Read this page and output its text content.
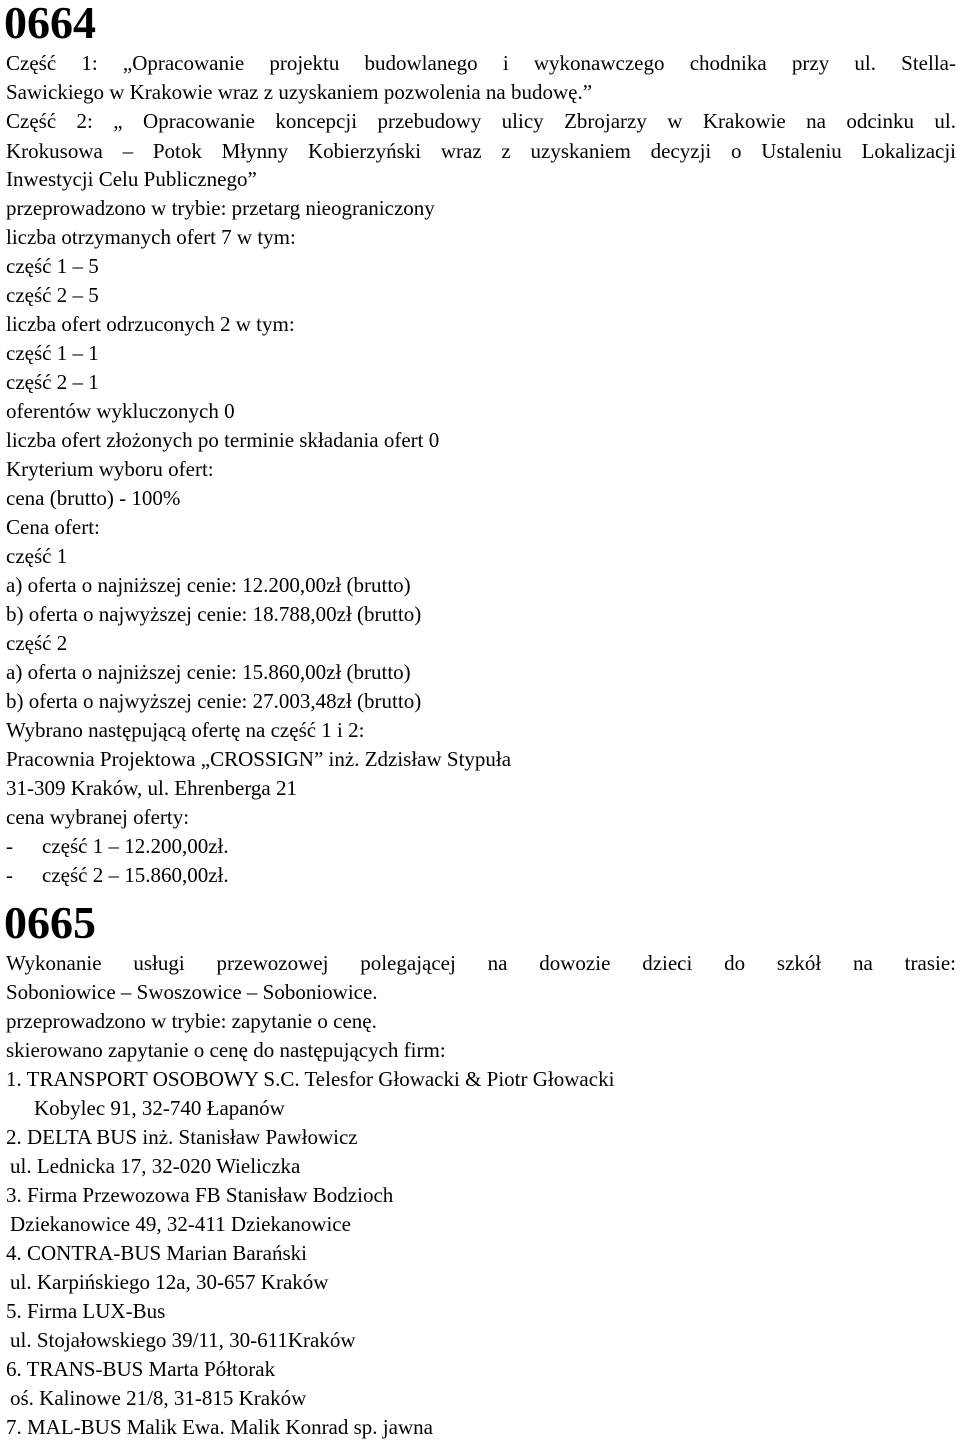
0664

Część 1: „Opracowanie projektu budowlanego i wykonawczego chodnika przy ul. Stella-

Sawickiego w Krakowie wraz z uzyskaniem pozwolenia na budowę.”

Część 2: „ Opracowanie koncepcji przebudowy ulicy Zbrojarzy w Krakowie na odcinku ul.

Krokusowa – Potok Młynny Kobierzyński wraz z uzyskaniem decyzji o Ustaleniu Lokalizacji

Inwestycji Celu Publicznego”

przeprowadzono w trybie: przetarg nieograniczony

liczba otrzymanych ofert 7 w tym:

część 1 – 5

część 2 – 5

liczba ofert odrzuconych 2 w tym:

część 1 – 1

część 2 – 1

oferentów wykluczonych 0

liczba ofert złożonych po terminie składania ofert 0

Kryterium wyboru ofert:

cena (brutto) - 100%

Cena ofert:

część 1

a) oferta o najniższej cenie: 12.200,00zł (brutto)

b) oferta o najwyższej cenie: 18.788,00zł (brutto)

część 2

a) oferta o najniższej cenie: 15.860,00zł (brutto)

b) oferta o najwyższej cenie: 27.003,48zł (brutto)

Wybrano następującą ofertę na część 1 i 2:

Pracownia Projektowa „CROSSIGN” inż. Zdzisław Stypuła

31-309 Kraków, ul. Ehrenberga 21

cena wybranej oferty:

- część 1 – 12.200,00zł.
- część 2 – 15.860,00zł.
0665

Wykonanie usługi przewozowej polegającej na dowozie dzieci do szkół na trasie:

Soboniowice – Swoszowice – Soboniowice.

przeprowadzono w trybie: zapytanie o cenę.

skierowano zapytanie o cenę do następujących firm:

1. TRANSPORT OSOBOWY S.C. Telesfor Głowacki & Piotr Głowacki

Kobylec 91, 32-740 Łapanów

2. DELTA BUS inż. Stanisław Pawłowicz

ul. Lednicka 17, 32-020 Wieliczka

3. Firma Przewozowa FB Stanisław Bodzioch

Dziekanowice 49, 32-411 Dziekanowice

4. CONTRA-BUS Marian Barański

ul. Karpińskiego 12a, 30-657 Kraków

5. Firma LUX-Bus

ul. Stojałowskiego 39/11, 30-611Kraków

6. TRANS-BUS Marta Półtorak

oś. Kalinowe 21/8, 31-815 Kraków

7. MAL-BUS Malik Ewa. Malik Konrad sp. jawna
